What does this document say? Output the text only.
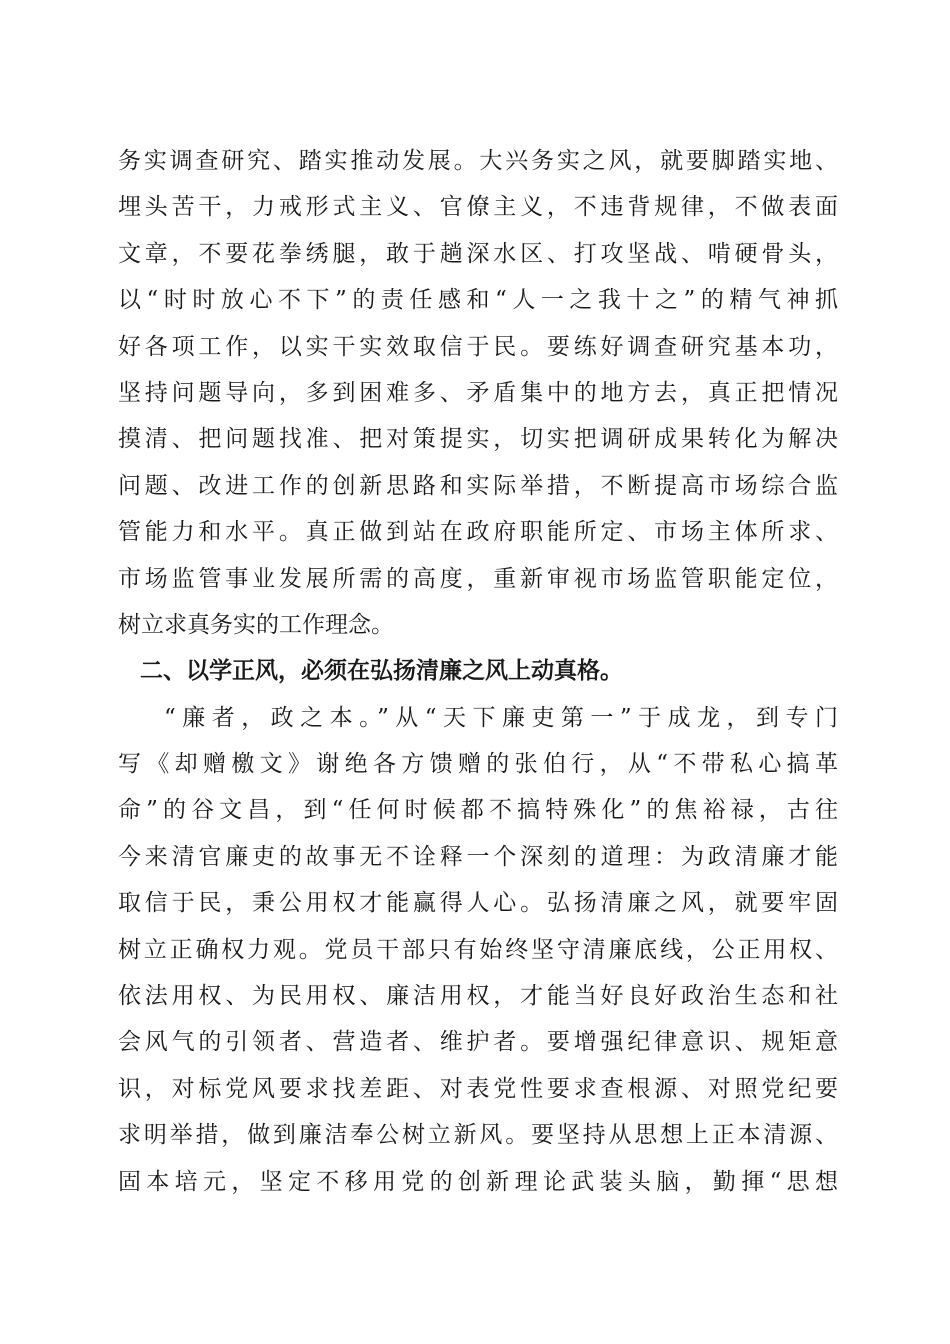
务实调查研究、踏实推动发展。大兴务实之风，就要脚踏实地、
埋头苦干，力戒形式主义、官僚主义，不违背规律，不做表面
文章，不要花拳绣腿，敢于趟深水区、打攻坚战、啃硬骨头，
以“时时放心不下”的责任感和“人一之我十之”的精气神抓
好各项工作，以实干实效取信于民。要练好调查研究基本功，
坚持问题导向，多到困难多、矛盾集中的地方去，真正把情况
摸清、把问题找准、把对策提实，切实把调研成果转化为解决
问题、改进工作的创新思路和实际举措，不断提高市场综合监
管能力和水平。真正做到站在政府职能所定、市场主体所求、
市场监管事业发展所需的高度，重新审视市场监管职能定位，
树立求真务实的工作理念。
二、以学正风，必须在弘扬清廉之风上动真格。
“廉者，政之本。”从“天下廉吏第一”于成龙，到专门
写《却赠檄文》谢绝各方馈赠的张伯行，从“不带私心搞革
命”的谷文昌，到“任何时候都不搞特殊化”的焦裕禄，古往
今来清官廉吏的故事无不诠释一个深刻的道理：为政清廉才能
取信于民，秉公用权才能赢得人心。弘扬清廉之风，就要牢固
树立正确权力观。党员干部只有始终坚守清廉底线，公正用权、
依法用权、为民用权、廉洁用权，才能当好良好政治生态和社
会风气的引领者、营造者、维护者。要增强纪律意识、规矩意
识，对标党风要求找差距、对表党性要求查根源、对照党纪要
求明举措，做到廉洁奉公树立新风。要坚持从思想上正本清源、
固本培元，坚定不移用党的创新理论武装头脑，勤揮“思想
